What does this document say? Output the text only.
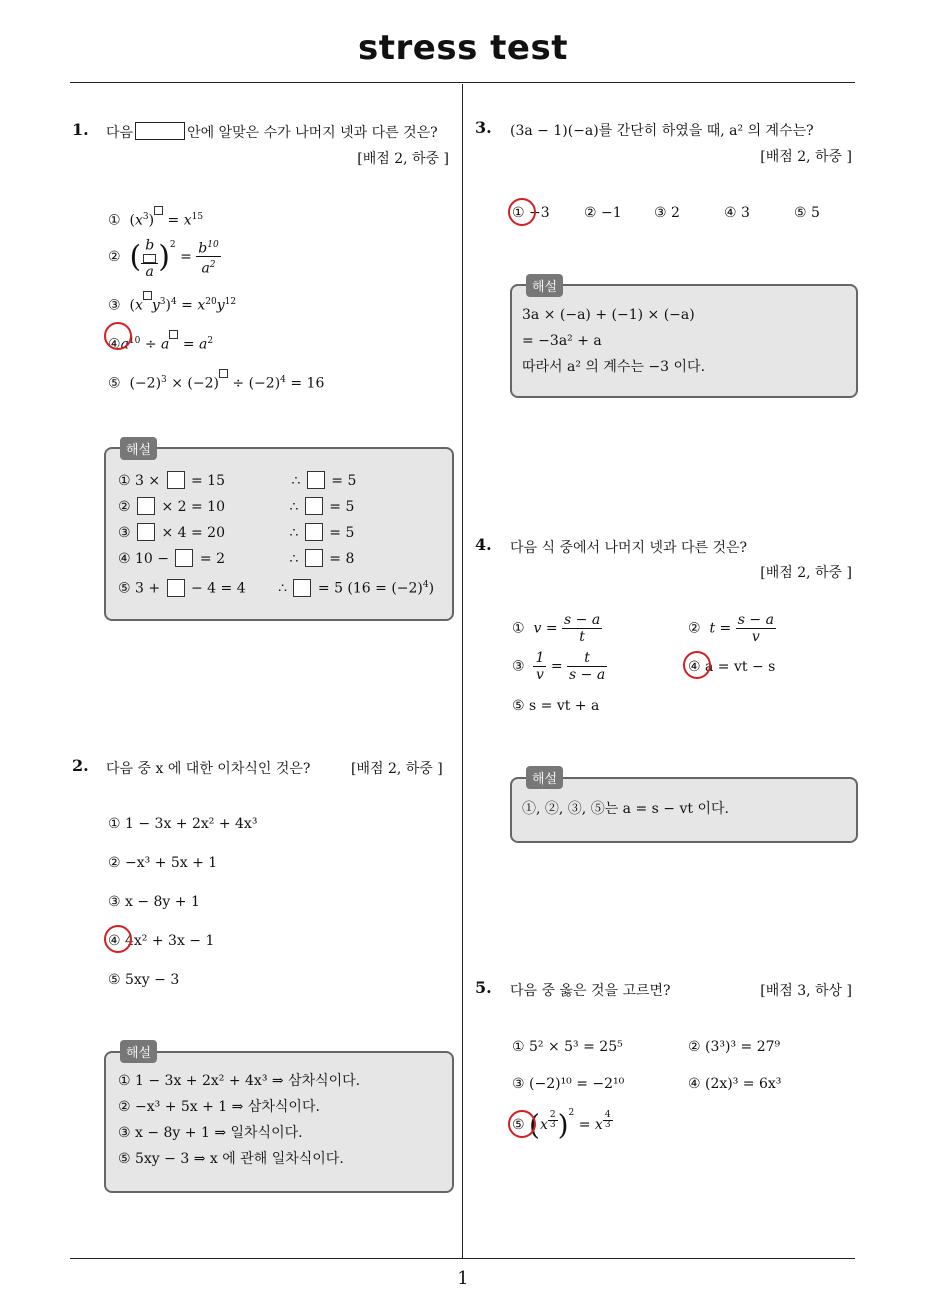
stress test
1
1. 다음	안에 알맞은 수가 나머지 넷과 다른 것은?
[배점 2, 하중 ]
①  $(x^3) = x^{15}$
② ( $\frac{b}{a} )^2 = \frac{b^{10}}{a^2}$
③  (x $y^3)^4 = x^{20}y^{12}$
$④a^{10} \div a = a^2$
⑤  $(-2)^3 \times (-2) \div (-2)^4 = 16$
해설
① 3 ×  = 15	∴  = 5
②  × 2 = 10	∴  = 5
③  × 4 = 20	∴  = 5
④ 10 −  = 2	∴  = 8
⑤ 3 +  − 4 = 4 ∴  = 5 $(16 = (-2)^4)$
2. 다음 중 x 에 대한 이차식인 것은?	[배점 2, 하중 ]
① 1 − 3x + 2x² + 4x³
② −x³ + 5x + 1
③ x − 8y + 1
④ 4x² + 3x − 1
⑤ 5xy − 3
해설
① 1 − 3x + 2x² + 4x³ ⇒ 삼차식이다.
② −x³ + 5x + 1 ⇒ 삼차식이다.
③ x − 8y + 1 ⇒ 일차식이다.
⑤ 5xy − 3 ⇒ x 에 관해 일차식이다.
3. (3a − 1)(−a)를 간단히 하였을 때, a² 의 계수는?
[배점 2, 하중 ]
① −3 ② −1 ③ 2	④ 3	⑤ 5
해설
3a × (−a) + (−1) × (−a)
= −3a² + a
따라서 a² 의 계수는 −3 이다.
4. 다음 식 중에서 나머지 넷과 다른 것은?
[배점 2, 하중 ]
① $v = \frac{s - a}{t}$	② $t = \frac{s - a}{v}$
③ $\frac{1}{v} = \frac{t}{s - a}$	④ a = vt − s
⑤ s = vt + a
해설
①, ②, ③, ⑤는 a = s − vt 이다.
5. 다음 중 옳은 것을 고르면?	[배점 3, 하상 ]
① 5² × 5³ = 25⁵	② (3³)³ = 27⁹
③ (−2)¹⁰ = −2¹⁰	④ (2x)³ = 6x³
⑤ (x $^{\frac{2}{3}}$ )$^2$ = x $^{\frac{4}{3}}$
